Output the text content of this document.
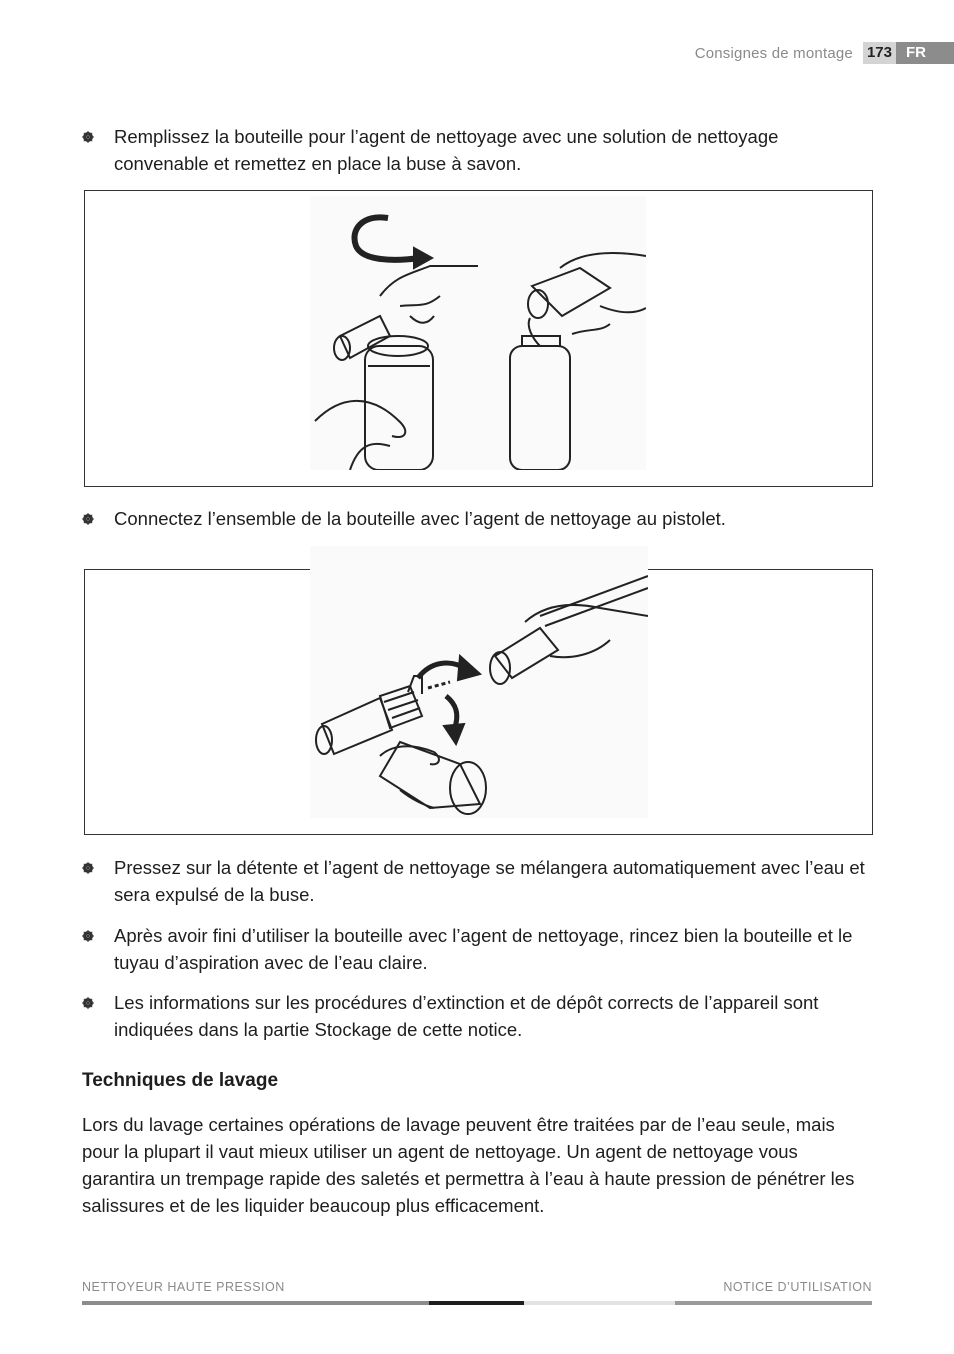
Consignes de montage 173 FR
Remplissez la bouteille pour l’agent de nettoyage avec une solution de nettoyage convenable et remettez en place la buse à savon.
Connectez l’ensemble de la bouteille avec l’agent de nettoyage au pistolet.
Pressez sur la détente et l’agent de nettoyage se mélangera automatiquement avec l’eau et sera expulsé de la buse.
Après avoir fini d’utiliser la bouteille avec l’agent de nettoyage, rincez bien la bouteille et le tuyau d’aspiration avec de l’eau claire.
Les informations sur les procédures d’extinction et de dépôt corrects de l’appareil sont indiquées dans la partie Stockage de cette notice.
Techniques de lavage
Lors du lavage certaines opérations de lavage peuvent être traitées par de l’eau seule, mais pour la plupart il vaut mieux utiliser un agent de nettoyage. Un agent de nettoyage vous garantira un trempage rapide des saletés et permettra à l’eau à haute pression de pénétrer les salissures et de les liquider beaucoup plus efficacement.
NETTOYEUR HAUTE PRESSION	NOTICE D’UTILISATION
